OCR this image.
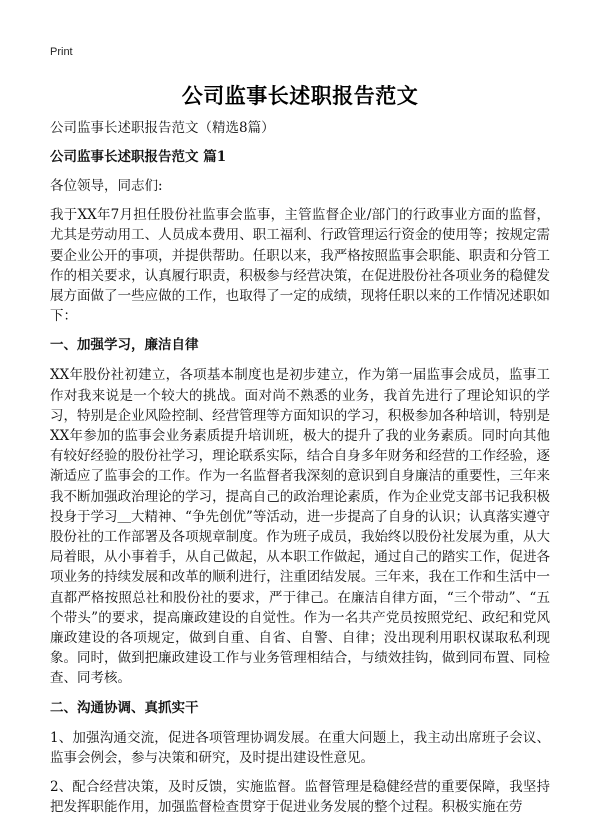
Print
公司监事长述职报告范文

公司监事长述职报告范文（精选8篇）

公司监事长述职报告范文 篇1

各位领导，同志们:

我于XX年7月担任股份社监事会监事，主管监督企业/部门的行政事业方面的监督，尤其是劳动用工、人员成本费用、职工福利、行政管理运行资金的使用等；按规定需要企业公开的事项，并提供帮助。任职以来，我严格按照监事会职能、职责和分管工作的相关要求，认真履行职责，积极参与经营决策，在促进股份社各项业务的稳健发展方面做了一些应做的工作，也取得了一定的成绩，现将任职以来的工作情况述职如下：

一、加强学习，廉洁自律

XX年股份社初建立，各项基本制度也是初步建立，作为第一届监事会成员，监事工作对我来说是一个较大的挑战。面对尚不熟悉的业务，我首先进行了理论知识的学习，特别是企业风险控制、经营管理等方面知识的学习，积极参加各种培训，特别是XX年参加的监事会业务素质提升培训班，极大的提升了我的业务素质。同时向其他有较好经验的股份社学习，理论联系实际，结合自身多年财务和经营的工作经验，逐渐适应了监事会的工作。作为一名监督者我深刻的意识到自身廉洁的重要性，三年来我不断加强政治理论的学习，提高自己的政治理论素质，作为企业党支部书记我积极投身于学习＿大精神、“争先创优”等活动，进一步提高了自身的认识；认真落实遵守股份社的工作部署及各项规章制度。作为班子成员，我始终以股份社发展为重，从大局着眼，从小事着手，从自己做起，从本职工作做起，通过自己的踏实工作，促进各项业务的持续发展和改革的顺利进行，注重团结发展。三年来，我在工作和生活中一直都严格按照总社和股份社的要求，严于律己。在廉洁自律方面，“三个带动”、“五个带头”的要求，提高廉政建设的自觉性。作为一名共产党员按照党纪、政纪和党风廉政建设的各项规定，做到自重、自省、自警、自律；没出现利用职权谋取私利现象。同时，做到把廉政建设工作与业务管理相结合，与绩效挂钩，做到同布置、同检查、同考核。

二、沟通协调、真抓实干

1、加强沟通交流，促进各项管理协调发展。在重大问题上，我主动出席班子会议、监事会例会，参与决策和研究，及时提出建设性意见。

2、配合经营决策，及时反馈，实施监督。监督管理是稳健经营的重要保障，我坚持把发挥职能作用，加强监督检查贯穿于促进业务发展的整个过程。积极实施在劳
